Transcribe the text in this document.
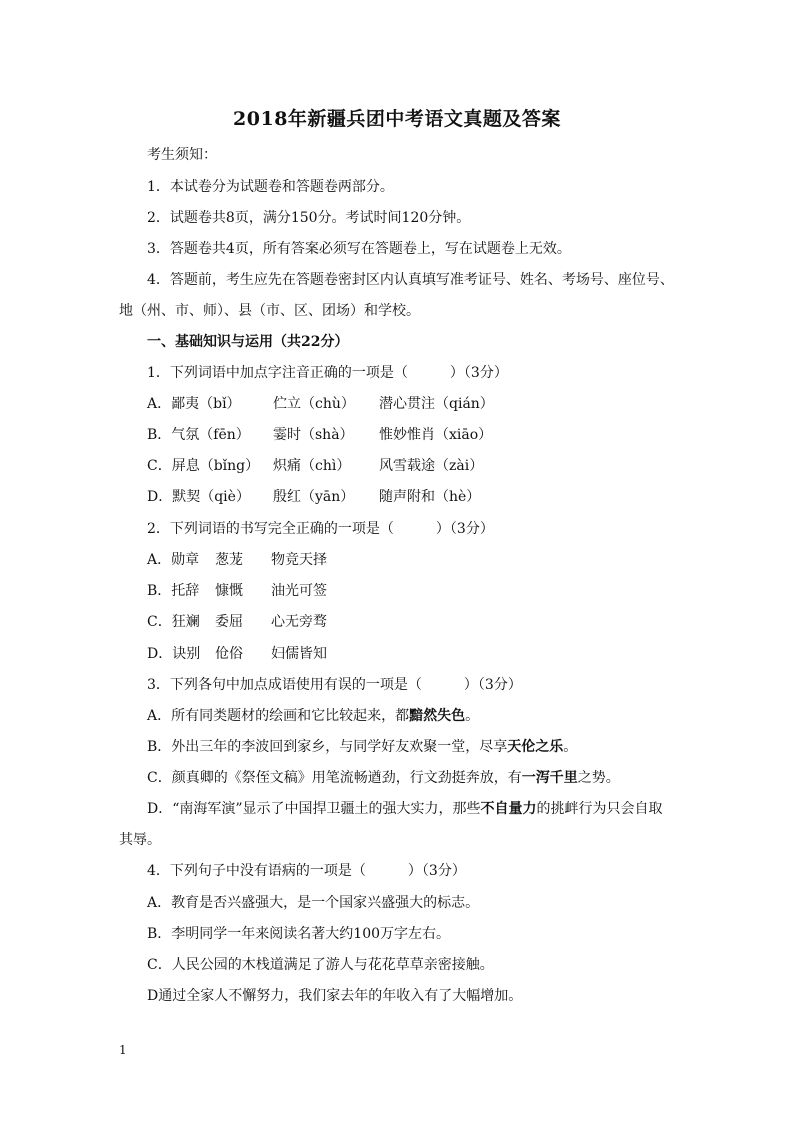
2018年新疆兵团中考语文真题及答案
考生须知：
1．本试卷分为试题卷和答题卷两部分。
2．试题卷共8页，满分150分。考试时间120分钟。
3．答题卷共4页，所有答案必须写在答题卷上，写在试题卷上无效。
4．答题前，考生应先在答题卷密封区内认真填写准考证号、姓名、考场号、座位号、
地（州、市、师）、县（市、区、团场）和学校。
一、基础知识与运用（共22分）
1．下列词语中加点字注音正确的一项是（　　　）（3分）
A．鄙夷（bǐ） 伫立（chù） 潜心贯注（qián）
B．气氛（fēn） 霎时（shà） 惟妙惟肖（xiāo）
C．屏息（bǐng） 炽痛（chì） 风雪载途（zài）
D．默契（qiè） 殷红（yān） 随声附和（hè）
2．下列词语的书写完全正确的一项是（　　　）（3分）
A．勋章 葱茏 物竞天择
B．托辞 慷慨 油光可签
C．狂斓 委屈 心无旁骛
D．诀别 伧俗 妇儒皆知
3．下列各句中加点成语使用有误的一项是（　　　）（3分）
A．所有同类题材的绘画和它比较起来，都黯然失色。
B．外出三年的李波回到家乡，与同学好友欢聚一堂，尽享天伦之乐。
C．颜真卿的《祭侄文稿》用笔流畅遒劲，行文劲挺奔放，有一泻千里之势。
D．“南海军演”显示了中国捍卫疆土的强大实力，那些不自量力的挑衅行为只会自取
其辱。
4．下列句子中没有语病的一项是（　　　）（3分）
A．教育是否兴盛强大，是一个国家兴盛强大的标志。
B．李明同学一年来阅读名著大约100万字左右。
C．人民公园的木栈道满足了游人与花花草草亲密接触。
D通过全家人不懈努力，我们家去年的年收入有了大幅增加。
1
